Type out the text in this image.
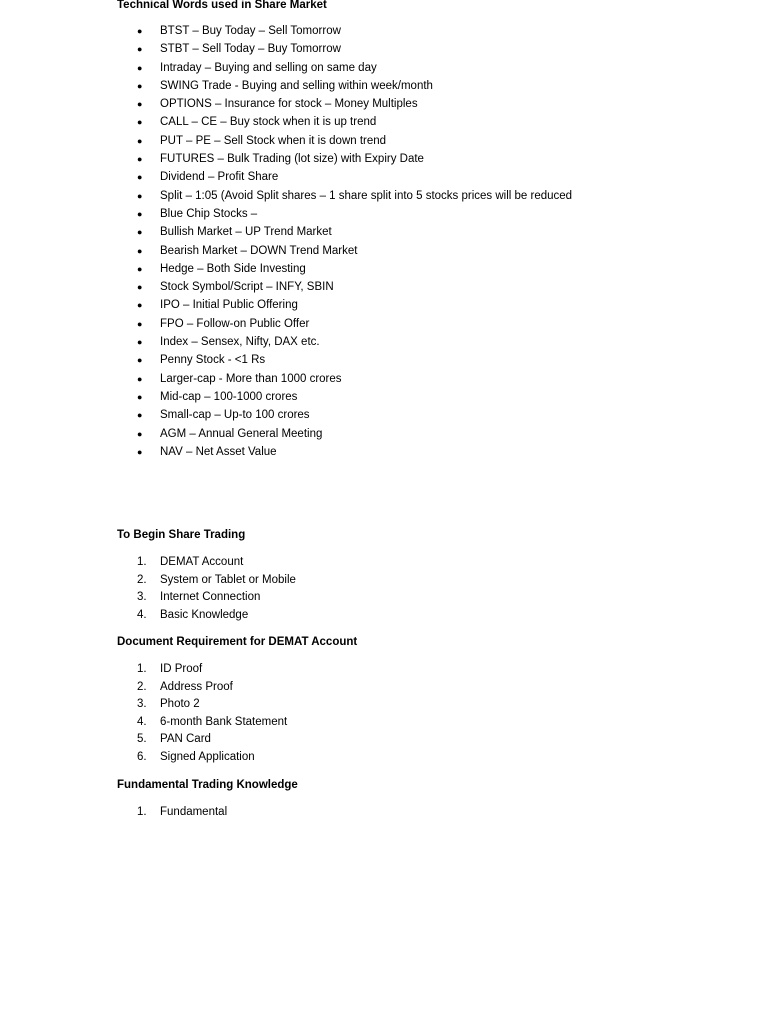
Technical Words used in Share Market
● BTST – Buy Today – Sell Tomorrow
● STBT – Sell Today – Buy Tomorrow
● Intraday – Buying and selling on same day
● SWING Trade - Buying and selling within week/month
● OPTIONS – Insurance for stock – Money Multiples
● CALL – CE – Buy stock when it is up trend
● PUT – PE – Sell Stock when it is down trend
● FUTURES – Bulk Trading (lot size) with Expiry Date
● Dividend – Profit Share
● Split – 1:05 (Avoid Split shares – 1 share split into 5 stocks prices will be reduced
● Blue Chip Stocks –
● Bullish Market – UP Trend Market
● Bearish Market – DOWN Trend Market
● Hedge – Both Side Investing
● Stock Symbol/Script – INFY, SBIN
● IPO – Initial Public Offering
● FPO – Follow-on Public Offer
● Index – Sensex, Nifty, DAX etc.
● Penny Stock - <1 Rs
● Larger-cap - More than 1000 crores
● Mid-cap – 100-1000 crores
● Small-cap – Up-to 100 crores
● AGM – Annual General Meeting
● NAV – Net Asset Value
To Begin Share Trading
1. DEMAT Account
2. System or Tablet or Mobile
3. Internet Connection
4. Basic Knowledge
Document Requirement for DEMAT Account
1. ID Proof
2. Address Proof
3. Photo 2
4. 6-month Bank Statement
5. PAN Card
6. Signed Application
Fundamental Trading Knowledge
1. Fundamental
